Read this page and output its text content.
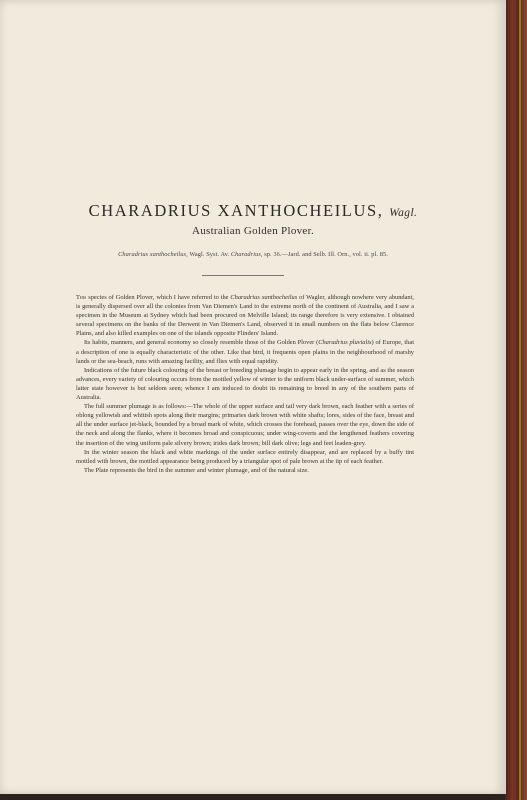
CHARADRIUS XANTHOCHEILUS, Wagl.
Australian Golden Plover.
Charadrius xanthocheilus, Wagl. Syst. Av. Charadrius, sp. 36.—Jard. and Selb. Ill. Orn., vol. ii. pl. 85.

This species of Golden Plover, which I have referred to the Charadrius xanthocheilus of Wagler, although nowhere very abundant, is generally dispersed over all the colonies from Van Diemen's Land to the extreme north of the continent of Australia, and I saw a specimen in the Museum at Sydney which had been procured on Melville Island; its range therefore is very extensive. I obtained several specimens on the banks of the Derwent in Van Diemen's Land, observed it in small numbers on the flats below Clarence Plains, and also killed examples on one of the islands opposite Flinders' Island.

Its habits, manners, and general economy so closely resemble those of the Golden Plover (Charadrius pluvialis) of Europe, that a description of one is equally characteristic of the other. Like that bird, it frequents open plains in the neighbourhood of marshy lands or the sea-beach, runs with amazing facility, and flies with equal rapidity.

Indications of the future black colouring of the breast or breeding plumage begin to appear early in the spring, and as the season advances, every variety of colouring occurs from the mottled yellow of winter to the uniform black under-surface of summer, which latter state however is but seldom seen; whence I am induced to doubt its remaining to breed in any of the southern parts of Australia.

The full summer plumage is as follows:—The whole of the upper surface and tail very dark brown, each feather with a series of oblong yellowish and whitish spots along their margins; primaries dark brown with white shafts; lores, sides of the face, breast and all the under surface jet-black, bounded by a broad mark of white, which crosses the forehead, passes over the eye, down the side of the neck and along the flanks, where it becomes broad and conspicuous; under wing-coverts and the lengthened feathers covering the insertion of the wing uniform pale silvery brown; irides dark brown; bill dark olive; legs and feet leaden-grey.

In the winter season the black and white markings of the under surface entirely disappear, and are replaced by a buffy tint mottled with brown, the mottled appearance being produced by a triangular spot of pale brown at the tip of each feather.

The Plate represents the bird in the summer and winter plumage, and of the natural size.
